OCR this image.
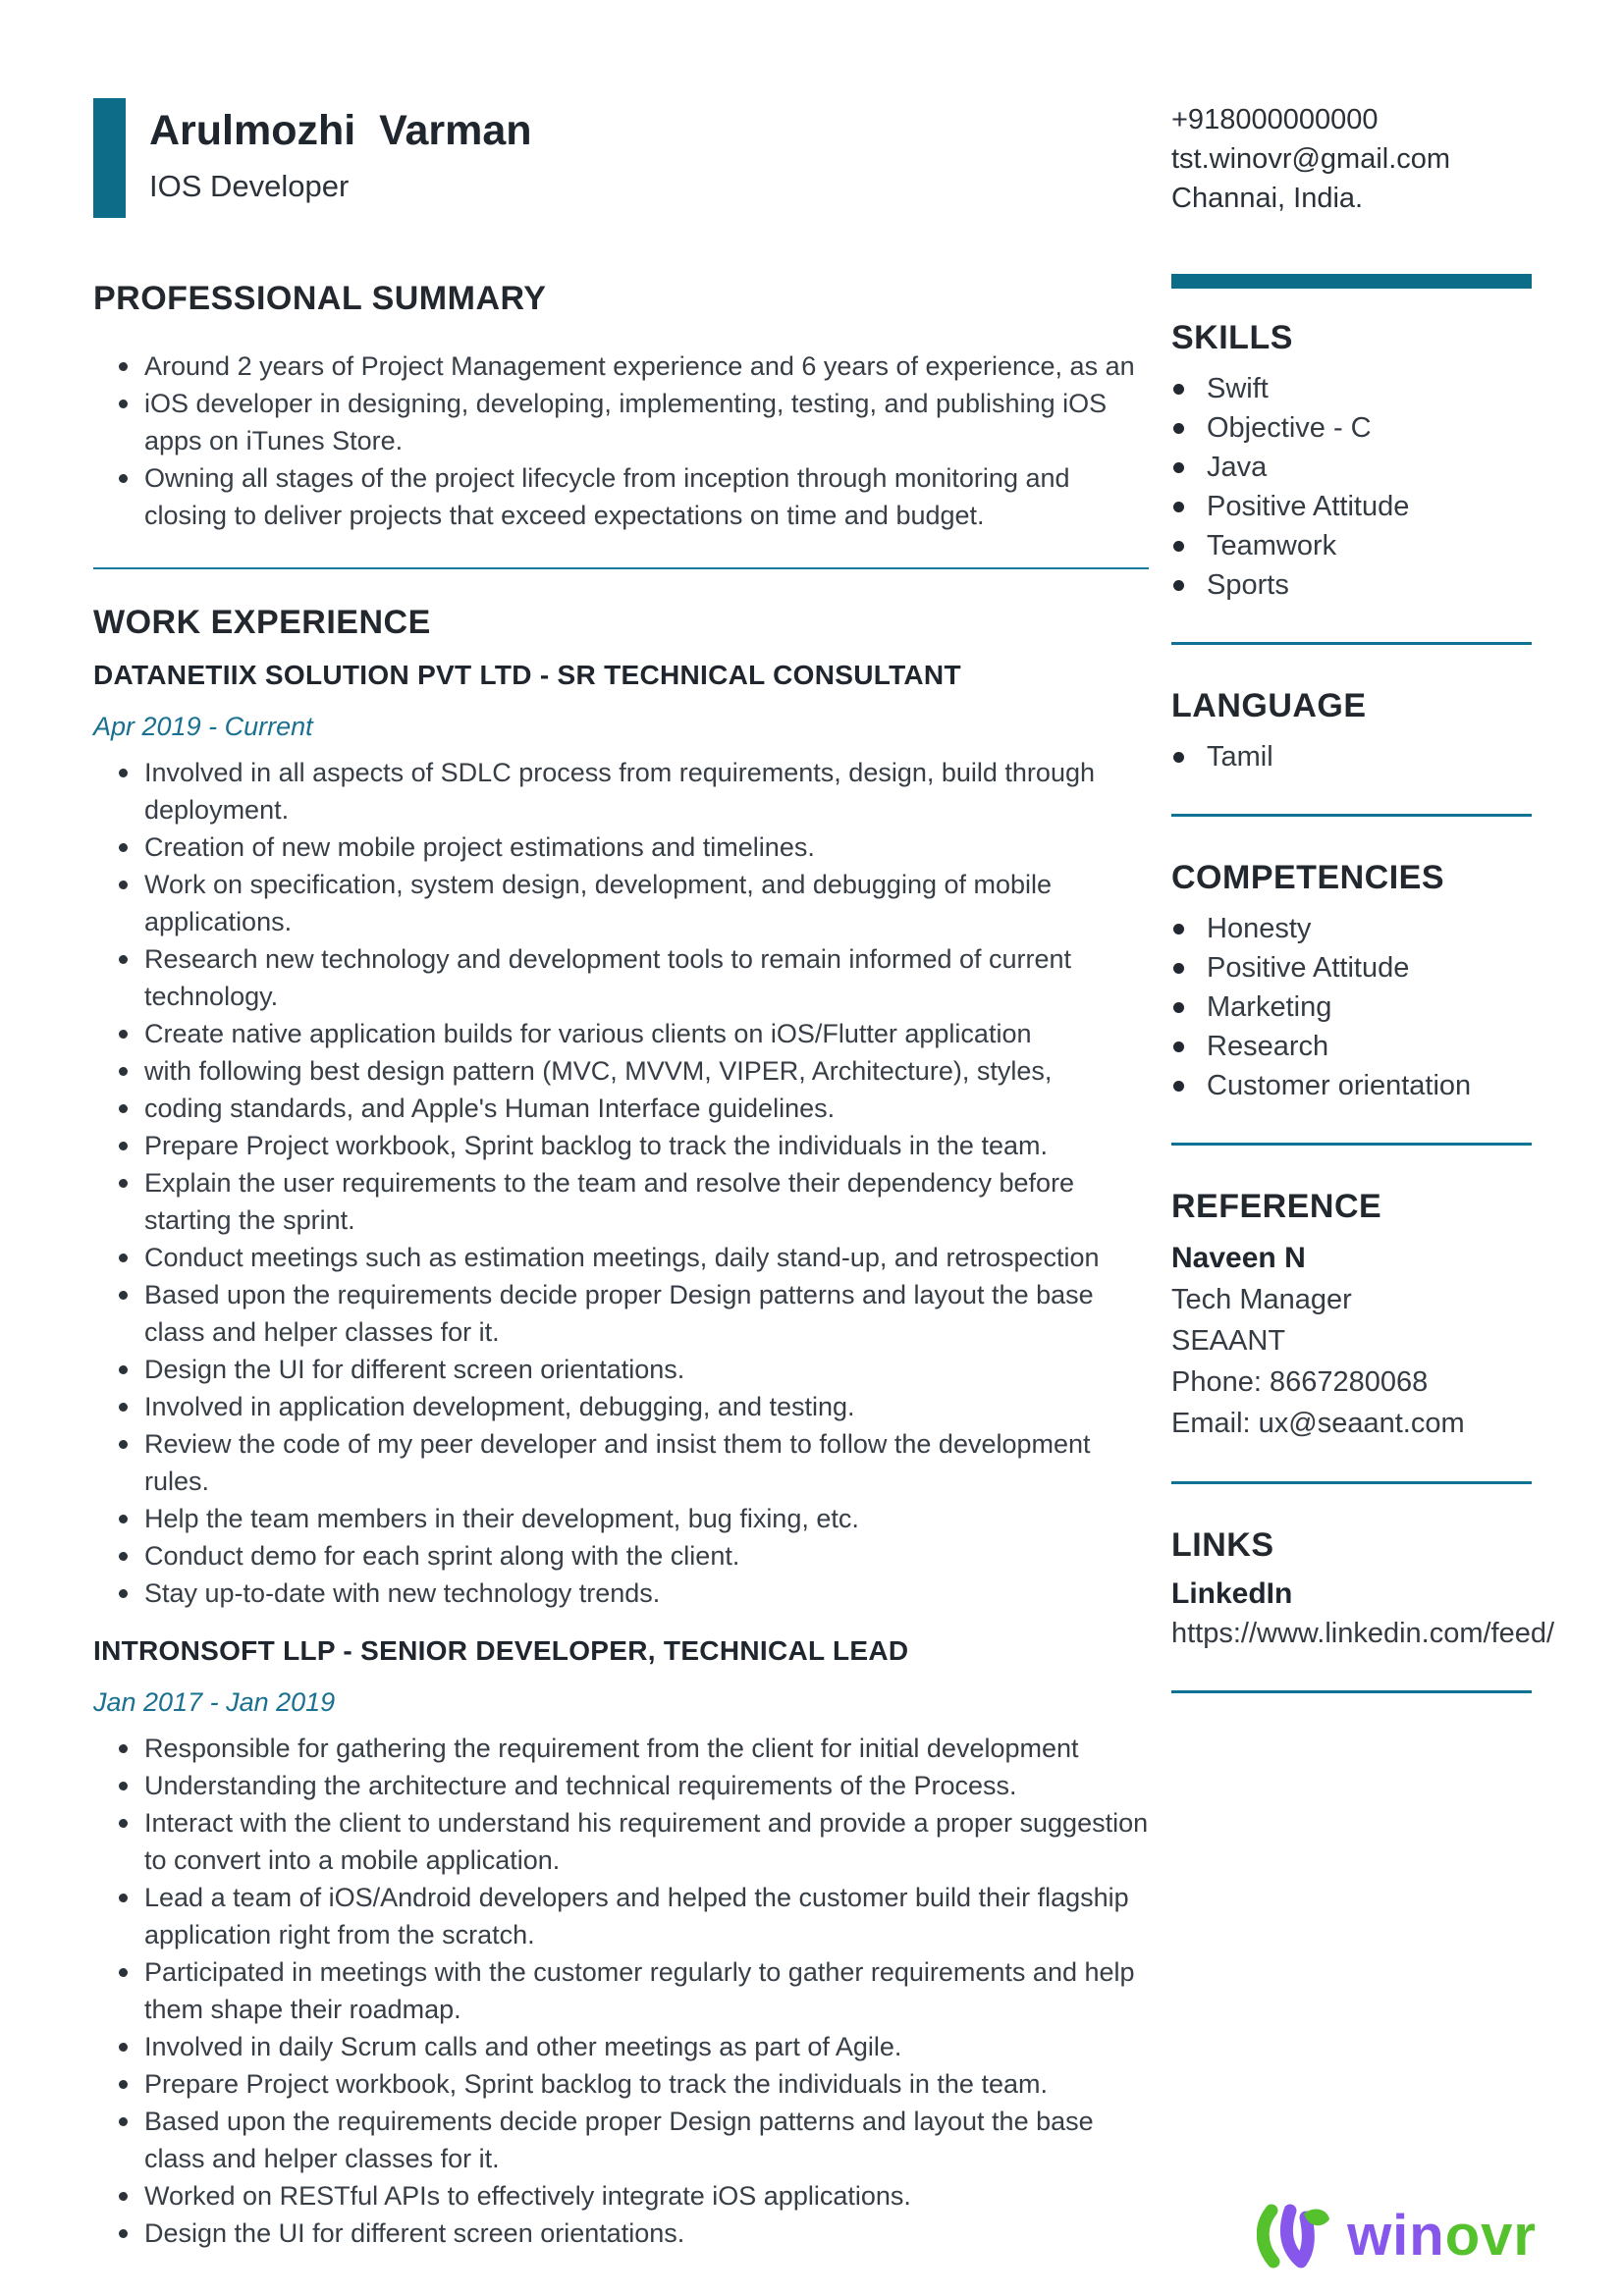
Arulmozhi Varman
IOS Developer
+918000000000
tst.winovr@gmail.com
Channai, India.
PROFESSIONAL SUMMARY
Around 2 years of Project Management experience and 6 years of experience, as an
iOS developer in designing, developing, implementing, testing, and publishing iOS apps on iTunes Store.
Owning all stages of the project lifecycle from inception through monitoring and closing to deliver projects that exceed expectations on time and budget.
WORK EXPERIENCE
DATANETIIX SOLUTION PVT LTD - SR TECHNICAL CONSULTANT
Apr 2019 - Current
Involved in all aspects of SDLC process from requirements, design, build through deployment.
Creation of new mobile project estimations and timelines.
Work on specification, system design, development, and debugging of mobile applications.
Research new technology and development tools to remain informed of current technology.
Create native application builds for various clients on iOS/Flutter application
with following best design pattern (MVC, MVVM, VIPER, Architecture), styles,
coding standards, and Apple's Human Interface guidelines.
Prepare Project workbook, Sprint backlog to track the individuals in the team.
Explain the user requirements to the team and resolve their dependency before starting the sprint.
Conduct meetings such as estimation meetings, daily stand-up, and retrospection
Based upon the requirements decide proper Design patterns and layout the base class and helper classes for it.
Design the UI for different screen orientations.
Involved in application development, debugging, and testing.
Review the code of my peer developer and insist them to follow the development rules.
Help the team members in their development, bug fixing, etc.
Conduct demo for each sprint along with the client.
Stay up-to-date with new technology trends.
INTRONSOFT LLP - SENIOR DEVELOPER, TECHNICAL LEAD
Jan 2017 - Jan 2019
Responsible for gathering the requirement from the client for initial development
Understanding the architecture and technical requirements of the Process.
Interact with the client to understand his requirement and provide a proper suggestion to convert into a mobile application.
Lead a team of iOS/Android developers and helped the customer build their flagship application right from the scratch.
Participated in meetings with the customer regularly to gather requirements and help them shape their roadmap.
Involved in daily Scrum calls and other meetings as part of Agile.
Prepare Project workbook, Sprint backlog to track the individuals in the team.
Based upon the requirements decide proper Design patterns and layout the base class and helper classes for it.
Worked on RESTful APIs to effectively integrate iOS applications.
Design the UI for different screen orientations.
SKILLS
Swift
Objective - C
Java
Positive Attitude
Teamwork
Sports
LANGUAGE
Tamil
COMPETENCIES
Honesty
Positive Attitude
Marketing
Research
Customer orientation
REFERENCE
Naveen N
Tech Manager
SEAANT
Phone: 8667280068
Email: ux@seaant.com
LINKS
LinkedIn
https://www.linkedin.com/feed/
winovr
